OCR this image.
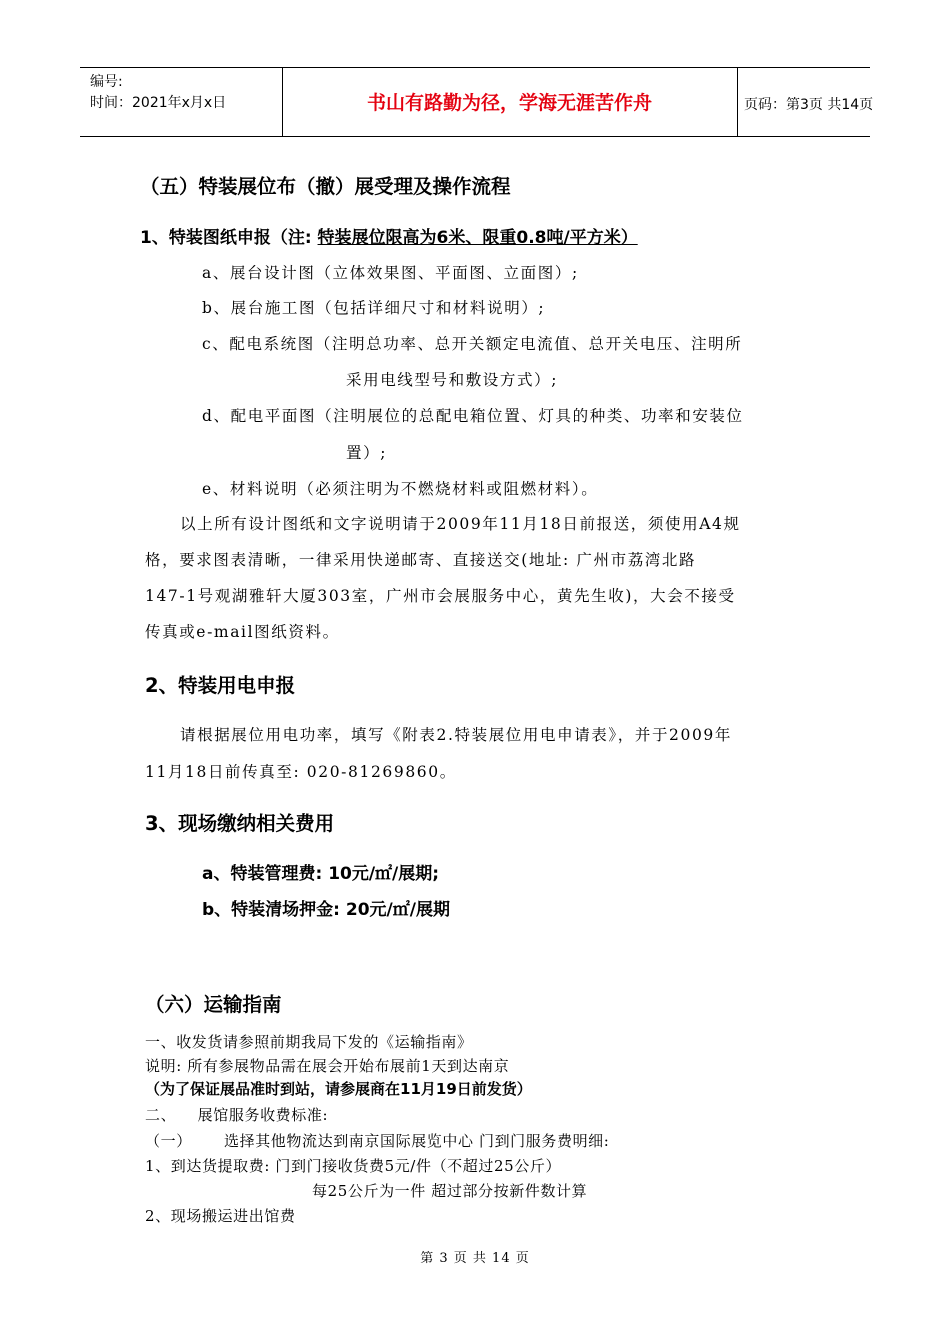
编号:
时间：2021年x月x日	书山有路勤为径，学海无涯苦作舟	页码：第3页 共14页
（五）特装展位布（撤）展受理及操作流程
1、特装图纸申报（注: 特装展位限高为6米、限重0.8吨/平方米）
a、展台设计图（立体效果图、平面图、立面图）;
b、展台施工图（包括详细尺寸和材料说明）;
c、配电系统图（注明总功率、总开关额定电流值、总开关电压、注明所
采用电线型号和敷设方式）;
d、配电平面图（注明展位的总配电箱位置、灯具的种类、功率和安装位
置）;
e、材料说明（必须注明为不燃烧材料或阻燃材料）。
以上所有设计图纸和文字说明请于2009年11月18日前报送，须使用A4规
格，要求图表清晰，一律采用快递邮寄、直接送交(地址: 广州市荔湾北路
147-1号观湖雅轩大厦303室，广州市会展服务中心，黄先生收)，大会不接受
传真或e-mail图纸资料。
2、特装用电申报
请根据展位用电功率，填写《附表2.特装展位用电申请表》，并于2009年
11月18日前传真至: 020-81269860。
3、现场缴纳相关费用
a、特装管理费: 10元/㎡/展期;
b、特装清场押金: 20元/㎡/展期
（六）运输指南
一、收发货请参照前期我局下发的《运输指南》
说明: 所有参展物品需在展会开始布展前1天到达南京
（为了保证展品准时到站，请参展商在11月19日前发货）
二、    展馆服务收费标准:
（一）      选择其他物流达到南京国际展览中心 门到门服务费明细:
1、到达货提取费: 门到门接收货费5元/件（不超过25公斤）
每25公斤为一件 超过部分按新件数计算
2、现场搬运进出馆费
第 3 页 共 14 页
